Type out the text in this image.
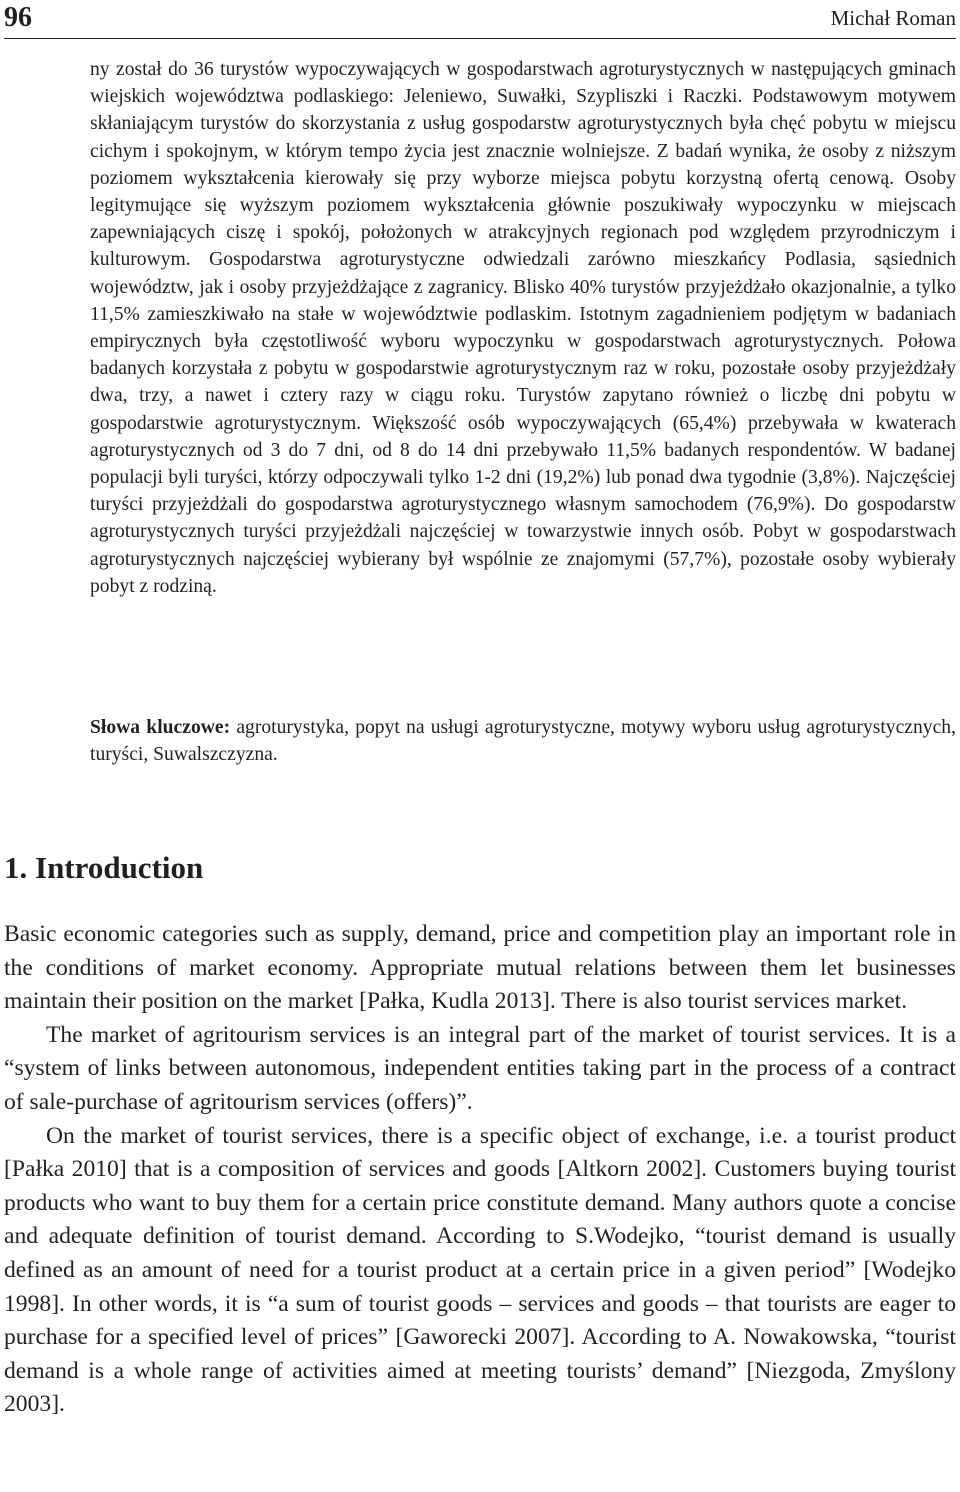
96	Michał Roman

ny został do 36 turystów wypoczywających w gospodarstwach agroturystycznych w następujących gminach wiejskich województwa podlaskiego: Jeleniewo, Suwałki, Szypliszki i Raczki. Podstawowym motywem skłaniającym turystów do skorzystania z usług gospodarstw agroturystycznych była chęć pobytu w miejscu cichym i spokojnym, w którym tempo życia jest znacznie wolniejsze. Z badań wynika, że osoby z niższym poziomem wykształcenia kierowały się przy wyborze miejsca pobytu korzystną ofertą cenową. Osoby legitymujące się wyższym poziomem wykształcenia głównie poszukiwały wypoczynku w miejscach zapewniających ciszę i spokój, położonych w atrakcyjnych regionach pod względem przyrodniczym i kulturowym. Gospodarstwa agroturystyczne odwiedzali zarówno mieszkańcy Podlasia, sąsiednich województw, jak i osoby przyjeżdżające z zagranicy. Blisko 40% turystów przyjeżdżało okazjonalnie, a tylko 11,5% zamieszkiwało na stałe w województwie podlaskim. Istotnym zagadnieniem podjętym w badaniach empirycznych była częstotliwość wyboru wypoczynku w gospodarstwach agroturystycznych. Połowa badanych korzystała z pobytu w gospodarstwie agroturystycznym raz w roku, pozostałe osoby przyjeżdżały dwa, trzy, a nawet i cztery razy w ciągu roku. Turystów zapytano również o liczbę dni pobytu w gospodarstwie agroturystycznym. Większość osób wypoczywających (65,4%) przebywała w kwaterach agroturystycznych od 3 do 7 dni, od 8 do 14 dni przebywało 11,5% badanych respondentów. W badanej populacji byli turyści, którzy odpoczywali tylko 1-2 dni (19,2%) lub ponad dwa tygodnie (3,8%). Najczęściej turyści przyjeżdżali do gospodarstwa agroturystycznego własnym samochodem (76,9%). Do gospodarstw agroturystycznych turyści przyjeżdżali najczęściej w towarzystwie innych osób. Pobyt w gospodarstwach agroturystycznych najczęściej wybierany był wspólnie ze znajomymi (57,7%), pozostałe osoby wybierały pobyt z rodziną.

Słowa kluczowe: agroturystyka, popyt na usługi agroturystyczne, motywy wyboru usług agroturystycznych, turyści, Suwalszczyzna.

1. Introduction

Basic economic categories such as supply, demand, price and competition play an important role in the conditions of market economy. Appropriate mutual relations between them let businesses maintain their position on the market [Pałka, Kudla 2013]. There is also tourist services market.

The market of agritourism services is an integral part of the market of tourist services. It is a “system of links between autonomous, independent entities taking part in the process of a contract of sale-purchase of agritourism services (offers)”.

On the market of tourist services, there is a specific object of exchange, i.e. a tourist product [Pałka 2010] that is a composition of services and goods [Altkorn 2002]. Customers buying tourist products who want to buy them for a certain price constitute demand. Many authors quote a concise and adequate definition of tourist demand. According to S.Wodejko, “tourist demand is usually defined as an amount of need for a tourist product at a certain price in a given period” [Wodejko 1998]. In other words, it is “a sum of tourist goods – services and goods – that tourists are eager to purchase for a specified level of prices” [Gaworecki 2007]. According to A. Nowakowska, “tourist demand is a whole range of activities aimed at meeting tourists’ demand” [Niezgoda, Zmyślony 2003].
